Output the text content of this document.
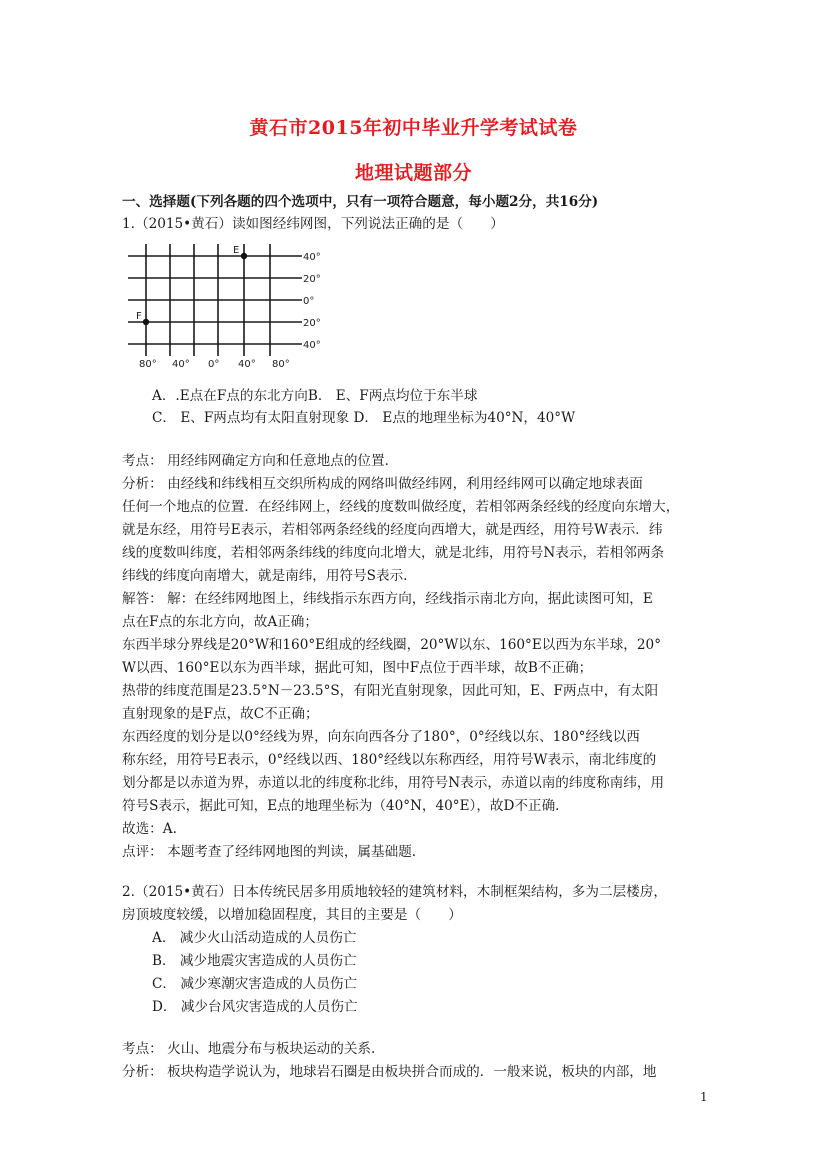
黄石市2015年初中毕业升学考试试卷
地理试题部分
一、选择题(下列各题的四个选项中，只有一项符合题意，每小题2分，共16分)
1.（2015•黄石）读如图经纬网图，下列说法正确的是（　　）
E
F
40°
20°
0°
20°
40°
80° 40° 0° 40° 80°
A．.E点在F点的东北方向B． E、F两点均位于东半球
C． E、F两点均有太阳直射现象 D． E点的地理坐标为40°N，40°W
考点： 用经纬网确定方向和任意地点的位置.
分析： 由经线和纬线相互交织所构成的网络叫做经纬网，利用经纬网可以确定地球表面
任何一个地点的位置．在经纬网上，经线的度数叫做经度，若相邻两条经线的经度向东增大，
就是东经，用符号E表示，若相邻两条经线的经度向西增大，就是西经，用符号W表示．纬
线的度数叫纬度，若相邻两条纬线的纬度向北增大，就是北纬，用符号N表示，若相邻两条
纬线的纬度向南增大，就是南纬，用符号S表示.
解答： 解：在经纬网地图上，纬线指示东西方向，经线指示南北方向，据此读图可知，E
点在F点的东北方向，故A正确；
东西半球分界线是20°W和160°E组成的经线圈，20°W以东、160°E以西为东半球，20°
W以西、160°E以东为西半球，据此可知，图中F点位于西半球，故B不正确；
热带的纬度范围是23.5°N－23.5°S，有阳光直射现象，因此可知，E、F两点中，有太阳
直射现象的是F点，故C不正确；
东西经度的划分是以0°经线为界，向东向西各分了180°，0°经线以东、180°经线以西
称东经，用符号E表示，0°经线以西、180°经线以东称西经，用符号W表示，南北纬度的
划分都是以赤道为界，赤道以北的纬度称北纬，用符号N表示，赤道以南的纬度称南纬，用
符号S表示，据此可知，E点的地理坐标为（40°N，40°E），故D不正确.
故选：A.
点评： 本题考查了经纬网地图的判读，属基础题.
2.（2015•黄石）日本传统民居多用质地较轻的建筑材料，木制框架结构，多为二层楼房，
房顶坡度较缓，以增加稳固程度，其目的主要是（　　）
A． 减少火山活动造成的人员伤亡
B． 减少地震灾害造成的人员伤亡
C． 减少寒潮灾害造成的人员伤亡
D． 减少台风灾害造成的人员伤亡
考点： 火山、地震分布与板块运动的关系.
分析： 板块构造学说认为，地球岩石圈是由板块拼合而成的．一般来说，板块的内部，地
1
